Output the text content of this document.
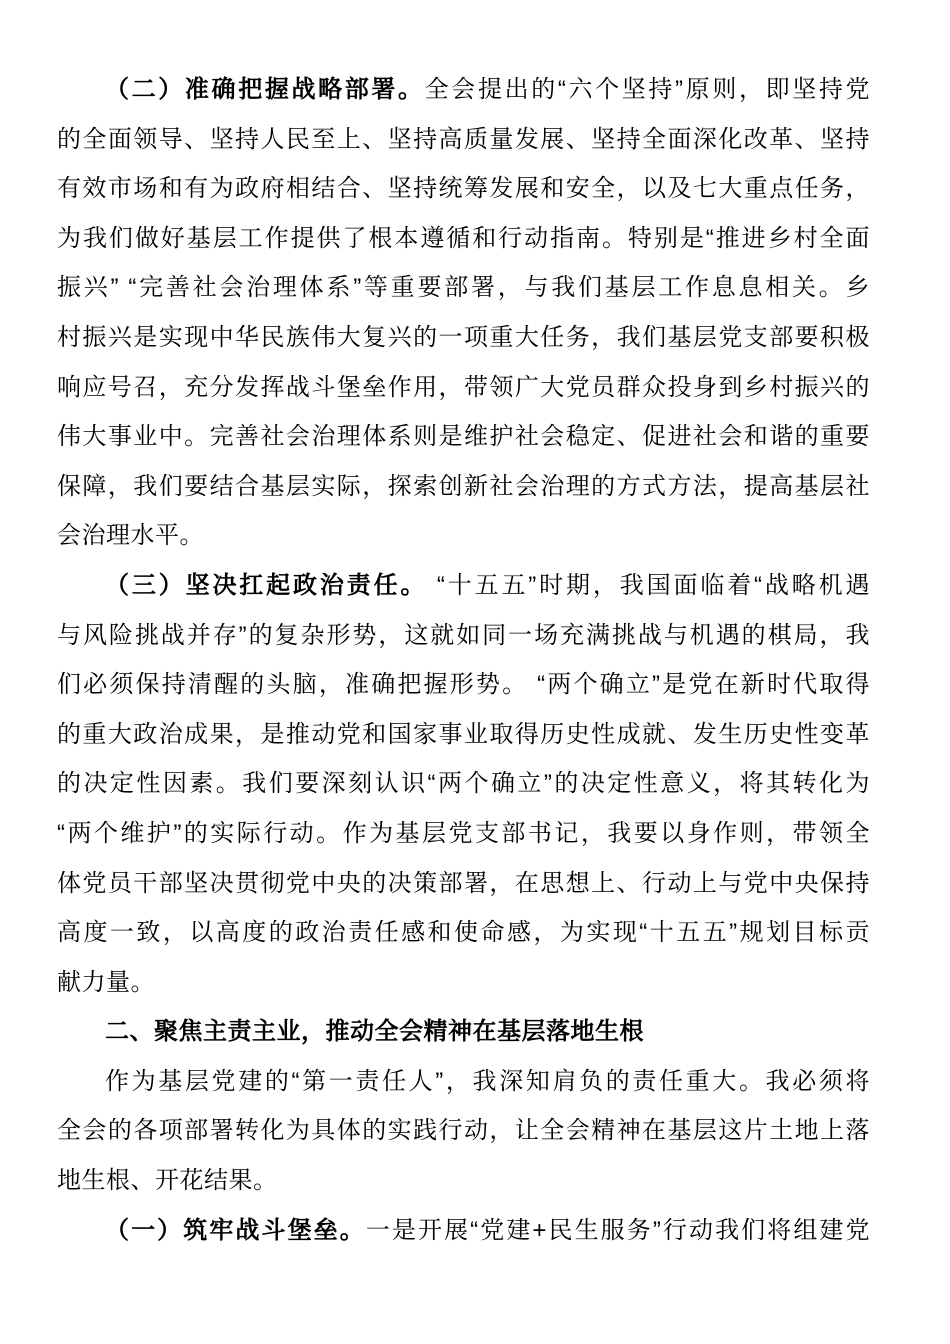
（二）准确把握战略部署。全会提出的“六个坚持”原则，即坚持党
的全面领导、坚持人民至上、坚持高质量发展、坚持全面深化改革、坚持
有效市场和有为政府相结合、坚持统筹发展和安全，以及七大重点任务，
为我们做好基层工作提供了根本遵循和行动指南。特别是“推进乡村全面
振兴” “完善社会治理体系”等重要部署，与我们基层工作息息相关。乡
村振兴是实现中华民族伟大复兴的一项重大任务，我们基层党支部要积极
响应号召，充分发挥战斗堡垒作用，带领广大党员群众投身到乡村振兴的
伟大事业中。完善社会治理体系则是维护社会稳定、促进社会和谐的重要
保障，我们要结合基层实际，探索创新社会治理的方式方法，提高基层社
会治理水平。
（三）坚决扛起政治责任。 “十五五”时期，我国面临着“战略机遇
与风险挑战并存”的复杂形势，这就如同一场充满挑战与机遇的棋局，我
们必须保持清醒的头脑，准确把握形势。 “两个确立”是党在新时代取得
的重大政治成果，是推动党和国家事业取得历史性成就、发生历史性变革
的决定性因素。我们要深刻认识“两个确立”的决定性意义，将其转化为
“两个维护”的实际行动。作为基层党支部书记，我要以身作则，带领全
体党员干部坚决贯彻党中央的决策部署，在思想上、行动上与党中央保持
高度一致，以高度的政治责任感和使命感，为实现“十五五”规划目标贡
献力量。
二、聚焦主责主业，推动全会精神在基层落地生根
作为基层党建的“第一责任人”，我深知肩负的责任重大。我必须将
全会的各项部署转化为具体的实践行动，让全会精神在基层这片土地上落
地生根、开花结果。
（一）筑牢战斗堡垒。一是开展“党建+民生服务”行动我们将组建党
